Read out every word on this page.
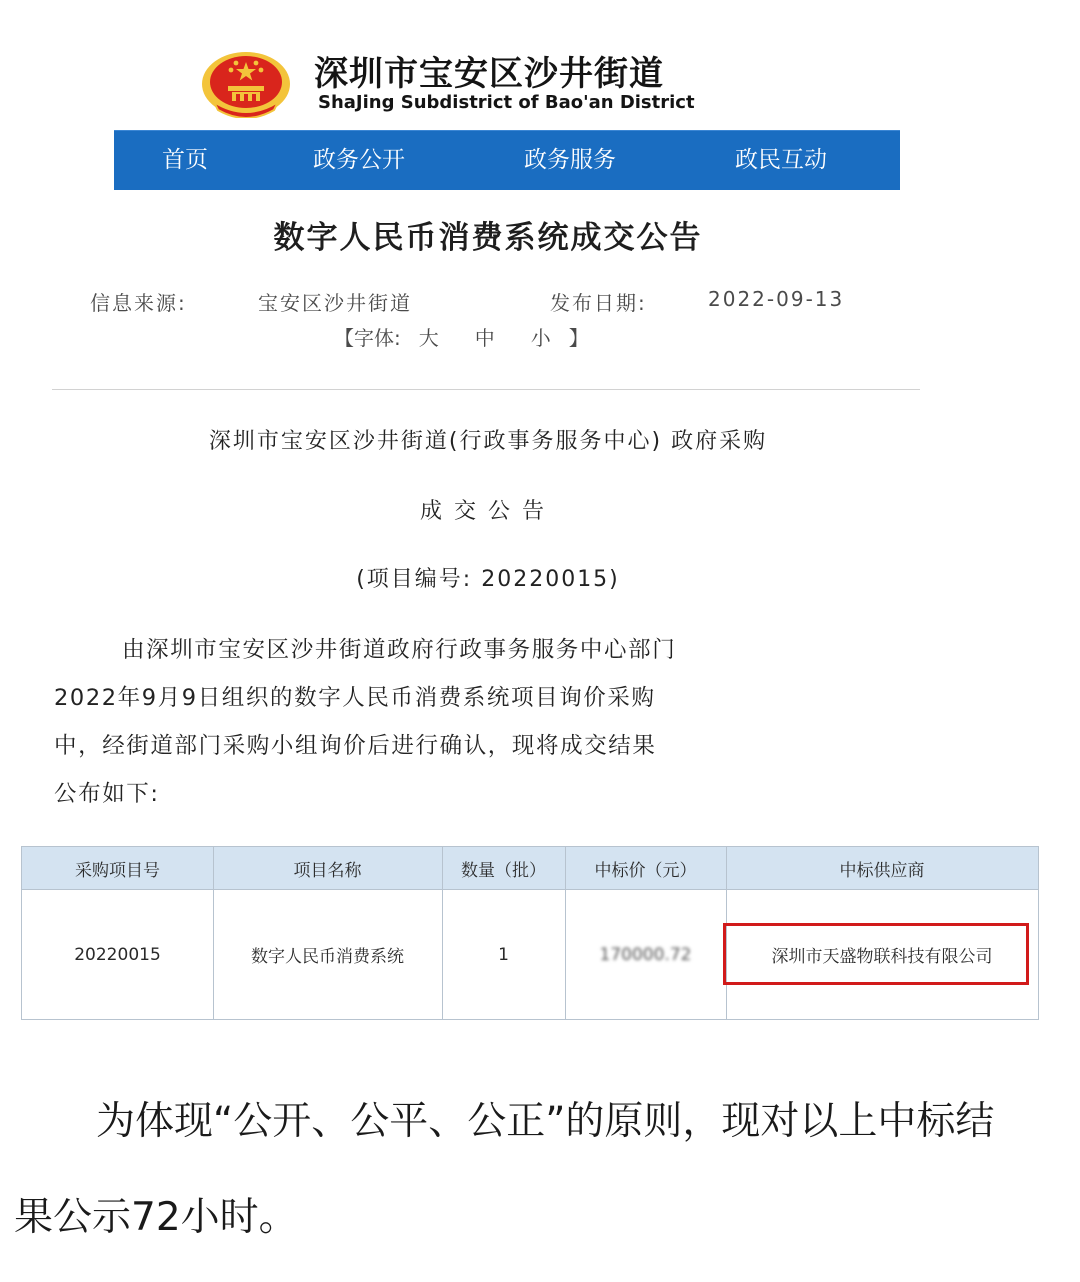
深圳市宝安区沙井街道
ShaJing Subdistrict of Bao'an District
首页	政务公开	政务服务	政民互动
数字人民币消费系统成交公告
信息来源:	宝安区沙井街道	发布日期:	2022-09-13
【字体: 大 中 小 】
深圳市宝安区沙井街道(行政事务服务中心) 政府采购
成交公告
(项目编号: 20220015)
由深圳市宝安区沙井街道政府行政事务服务中心部门
2022年9月9日组织的数字人民币消费系统项目询价采购
中，经街道部门采购小组询价后进行确认，现将成交结果
公布如下:
采购项目号	项目名称	数量（批）	中标价（元）	中标供应商
20220015	数字人民币消费系统	1	170000.72	深圳市天盛物联科技有限公司
为体现“公开、公平、公正”的原则，现对以上中标结
果公示72小时。
